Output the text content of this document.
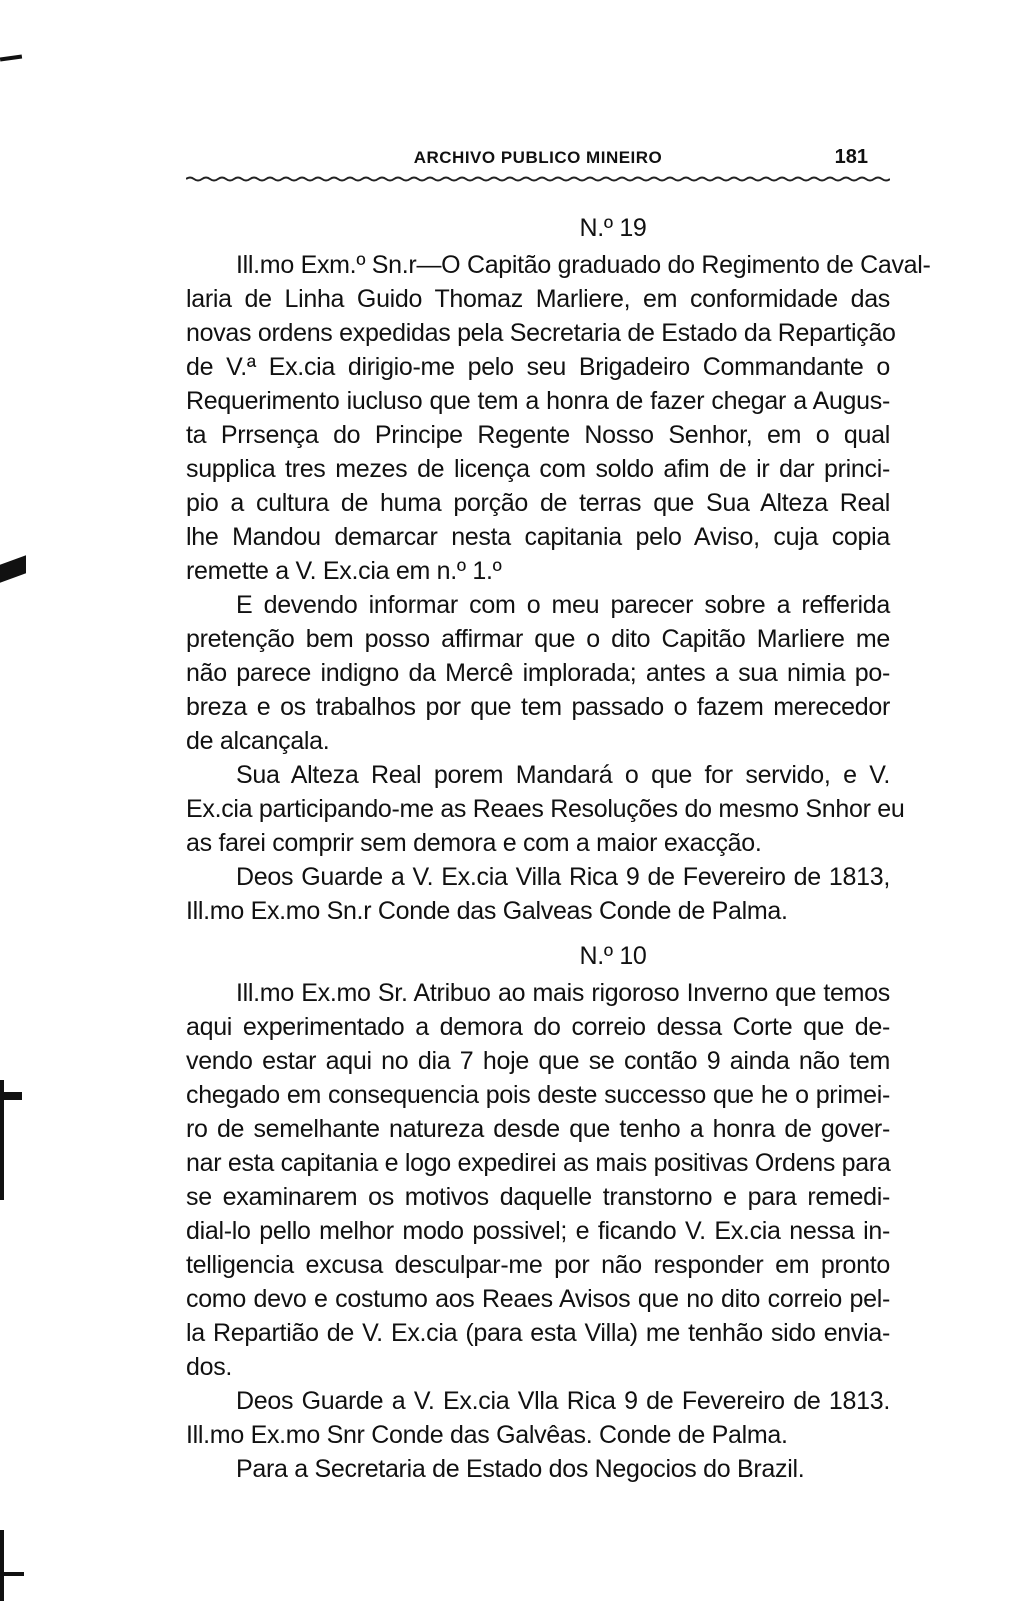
ARCHIVO PUBLICO MINEIRO	181
N.º 19
Ill.mo Exm.º Sn.r—O Capitão graduado do Regimento de Caval-
laria de Linha Guido Thomaz Marliere, em conformidade das
novas ordens expedidas pela Secretaria de Estado da Repartição
de V.ª Ex.cia dirigio-me pelo seu Brigadeiro Commandante o
Requerimento iucluso que tem a honra de fazer chegar a Augus-
ta Prrsença do Principe Regente Nosso Senhor, em o qual
supplica tres mezes de licença com soldo afim de ir dar princi-
pio a cultura de huma porção de terras que Sua Alteza Real
lhe Mandou demarcar nesta capitania pelo Aviso, cuja copia
remette a V. Ex.cia em n.º 1.º
E devendo informar com o meu parecer sobre a refferida
pretenção bem posso affirmar que o dito Capitão Marliere me
não parece indigno da Mercê implorada; antes a sua nimia po-
breza e os trabalhos por que tem passado o fazem merecedor
de alcançala.
Sua Alteza Real porem Mandará o que for servido, e V.
Ex.cia participando-me as Reaes Resoluções do mesmo Snhor eu
as farei comprir sem demora e com a maior exacção.
Deos Guarde a V. Ex.cia Villa Rica 9 de Fevereiro de 1813,
Ill.mo Ex.mo Sn.r Conde das Galveas Conde de Palma.
N.º 10
Ill.mo Ex.mo Sr. Atribuo ao mais rigoroso Inverno que temos
aqui experimentado a demora do correio dessa Corte que de-
vendo estar aqui no dia 7 hoje que se contão 9 ainda não tem
chegado em consequencia pois deste successo que he o primei-
ro de semelhante natureza desde que tenho a honra de gover-
nar esta capitania e logo expedirei as mais positivas Ordens para
se examinarem os motivos daquelle transtorno e para remedi-
dial-lo pello melhor modo possivel; e ficando V. Ex.cia nessa in-
telligencia excusa desculpar-me por não responder em pronto
como devo e costumo aos Reaes Avisos que no dito correio pel-
la Repartião de V. Ex.cia (para esta Villa) me tenhão sido envia-
dos.
Deos Guarde a V. Ex.cia Vlla Rica 9 de Fevereiro de 1813.
Ill.mo Ex.mo Snr Conde das Galvêas. Conde de Palma.
Para a Secretaria de Estado dos Negocios do Brazil.
